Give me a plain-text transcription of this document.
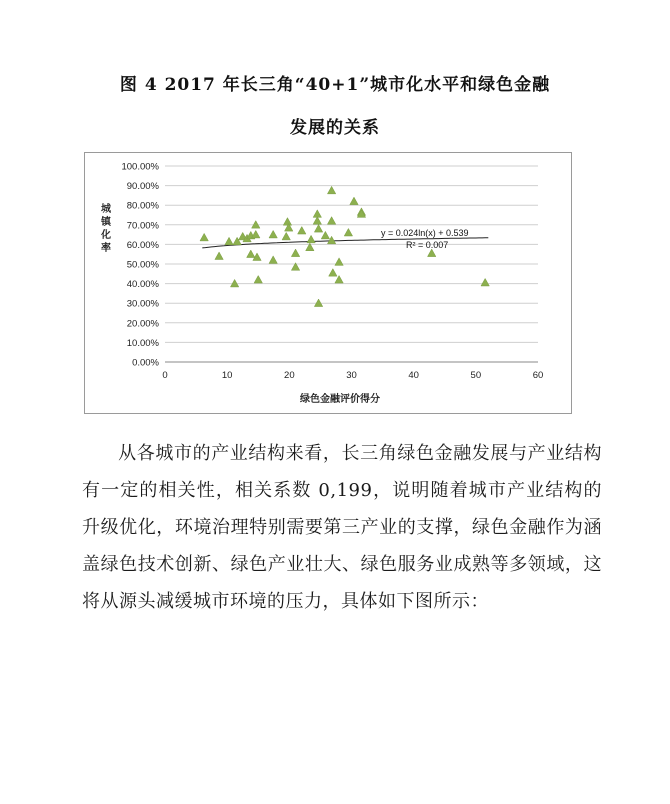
图 4 2017 年长三角“40+1”城市化水平和绿色金融
发展的关系
0.00%
10.00%
20.00%
30.00%
40.00%
50.00%
60.00%
70.00%
80.00%
90.00%
100.00%
0	10	20	30	40	50	60
城
镇
化
率
绿色金融评价得分
y = 0.024ln(x) + 0.539
R² = 0.007
从各城市的产业结构来看，长三角绿色金融发展与产业结构有一定的相关性，相关系数 0,199，说明随着城市产业结构的升级优化，环境治理特别需要第三产业的支撑，绿色金融作为涵盖绿色技术创新、绿色产业壮大、绿色服务业成熟等多领域，这将从源头减缓城市环境的压力，具体如下图所示：
